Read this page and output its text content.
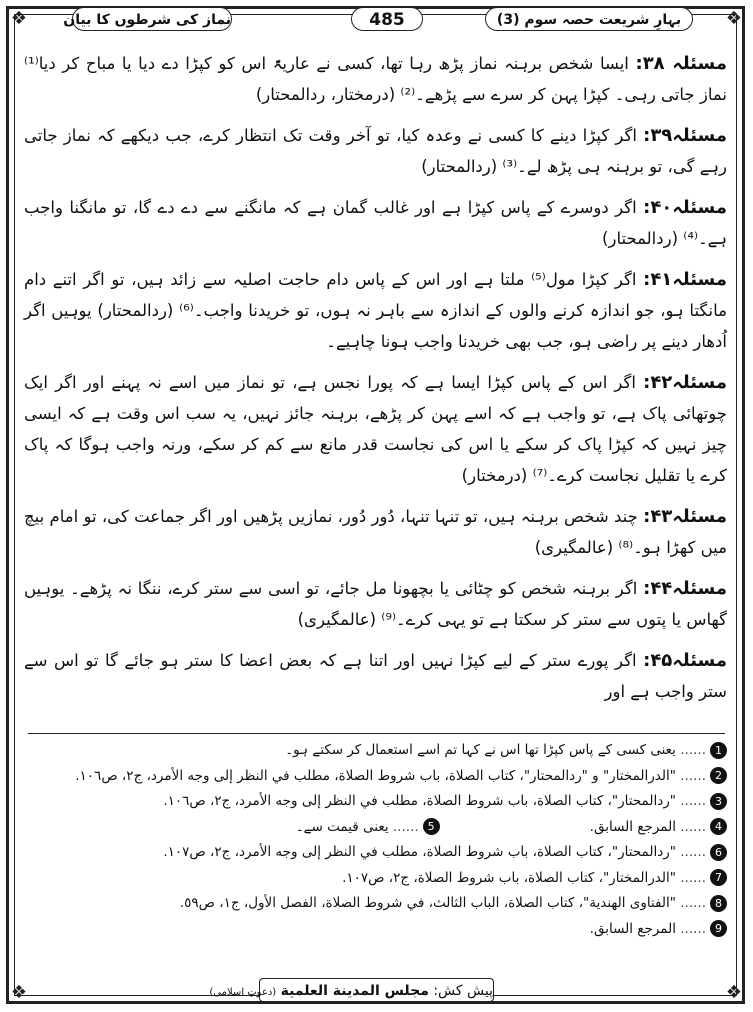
❖	❖
❖	❖
بہارِ شریعت حصہ سوم (3)
485
نماز کی شرطوں کا بیان

مسئلہ ۳۸: ایسا شخص برہنہ نماز پڑھ رہا تھا، کسی نے عاریۃً اس کو کپڑا دے دیا یا مباح کر دیا⁽¹⁾ نماز جاتی رہی۔ کپڑا پہن کر سرے سے پڑھے۔⁽²⁾ (درمختار، ردالمحتار)

مسئلہ۳۹: اگر کپڑا دینے کا کسی نے وعدہ کیا، تو آخر وقت تک انتظار کرے، جب دیکھے کہ نماز جاتی رہے گی، تو برہنہ ہی پڑھ لے۔⁽³⁾ (ردالمحتار)

مسئلہ۴۰: اگر دوسرے کے پاس کپڑا ہے اور غالب گمان ہے کہ مانگنے سے دے دے گا، تو مانگنا واجب ہے۔⁽⁴⁾ (ردالمحتار)

مسئلہ۴۱: اگر کپڑا مول⁽⁵⁾ ملتا ہے اور اس کے پاس دام حاجت اصلیہ سے زائد ہیں، تو اگر اتنے دام مانگتا ہو، جو اندازہ کرنے والوں کے اندازہ سے باہر نہ ہوں، تو خریدنا واجب۔⁽⁶⁾ (ردالمحتار) یوہیں اگر اُدھار دینے پر راضی ہو، جب بھی خریدنا واجب ہونا چاہیے۔

مسئلہ۴۲: اگر اس کے پاس کپڑا ایسا ہے کہ پورا نجس ہے، تو نماز میں اسے نہ پہنے اور اگر ایک چوتھائی پاک ہے، تو واجب ہے کہ اسے پہن کر پڑھے، برہنہ جائز نہیں، یہ سب اس وقت ہے کہ ایسی چیز نہیں کہ کپڑا پاک کر سکے یا اس کی نجاست قدر مانع سے کم کر سکے، ورنہ واجب ہوگا کہ پاک کرے یا تقلیل نجاست کرے۔⁽⁷⁾ (درمختار)

مسئلہ۴۳: چند شخص برہنہ ہیں، تو تنہا تنہا، دُور دُور، نمازیں پڑھیں اور اگر جماعت کی، تو امام بیچ میں کھڑا ہو۔⁽⁸⁾ (عالمگیری)

مسئلہ۴۴: اگر برہنہ شخص کو چٹائی یا بچھونا مل جائے، تو اسی سے ستر کرے، ننگا نہ پڑھے۔ یوہیں گھاس یا پتوں سے ستر کر سکتا ہے تو یہی کرے۔⁽⁹⁾ (عالمگیری)

مسئلہ۴۵: اگر پورے ستر کے لیے کپڑا نہیں اور اتنا ہے کہ بعض اعضا کا ستر ہو جائے گا تو اس سے ستر واجب ہے اور

1...... یعنی کسی کے پاس کپڑا تھا اس نے کہا تم اسے استعمال کر سکتے ہو۔
2...... "الدرالمختار" و "ردالمحتار"، كتاب الصلاة، باب شروط الصلاة، مطلب في النظر إلى وجه الأمرد، ج٢، ص١٠٦.
3...... "ردالمحتار"، كتاب الصلاة، باب شروط الصلاة، مطلب في النظر إلى وجه الأمرد، ج٢، ص١٠٦.
4...... المرجع السابق.5...... یعنی قیمت سے۔
6...... "ردالمحتار"، كتاب الصلاة، باب شروط الصلاة، مطلب في النظر إلى وجه الأمرد، ج٢، ص١٠٧.
7...... "الدرالمختار"، كتاب الصلاة، باب شروط الصلاة، ج٢، ص١٠٧.
8...... "الفتاوى الهندية"، كتاب الصلاة، الباب الثالث، في شروط الصلاة، الفصل الأول، ج١، ص٥٩.
9...... المرجع السابق.
پیش کش: مجلس المدینة العلمیة (دعوتِ اسلامی)
